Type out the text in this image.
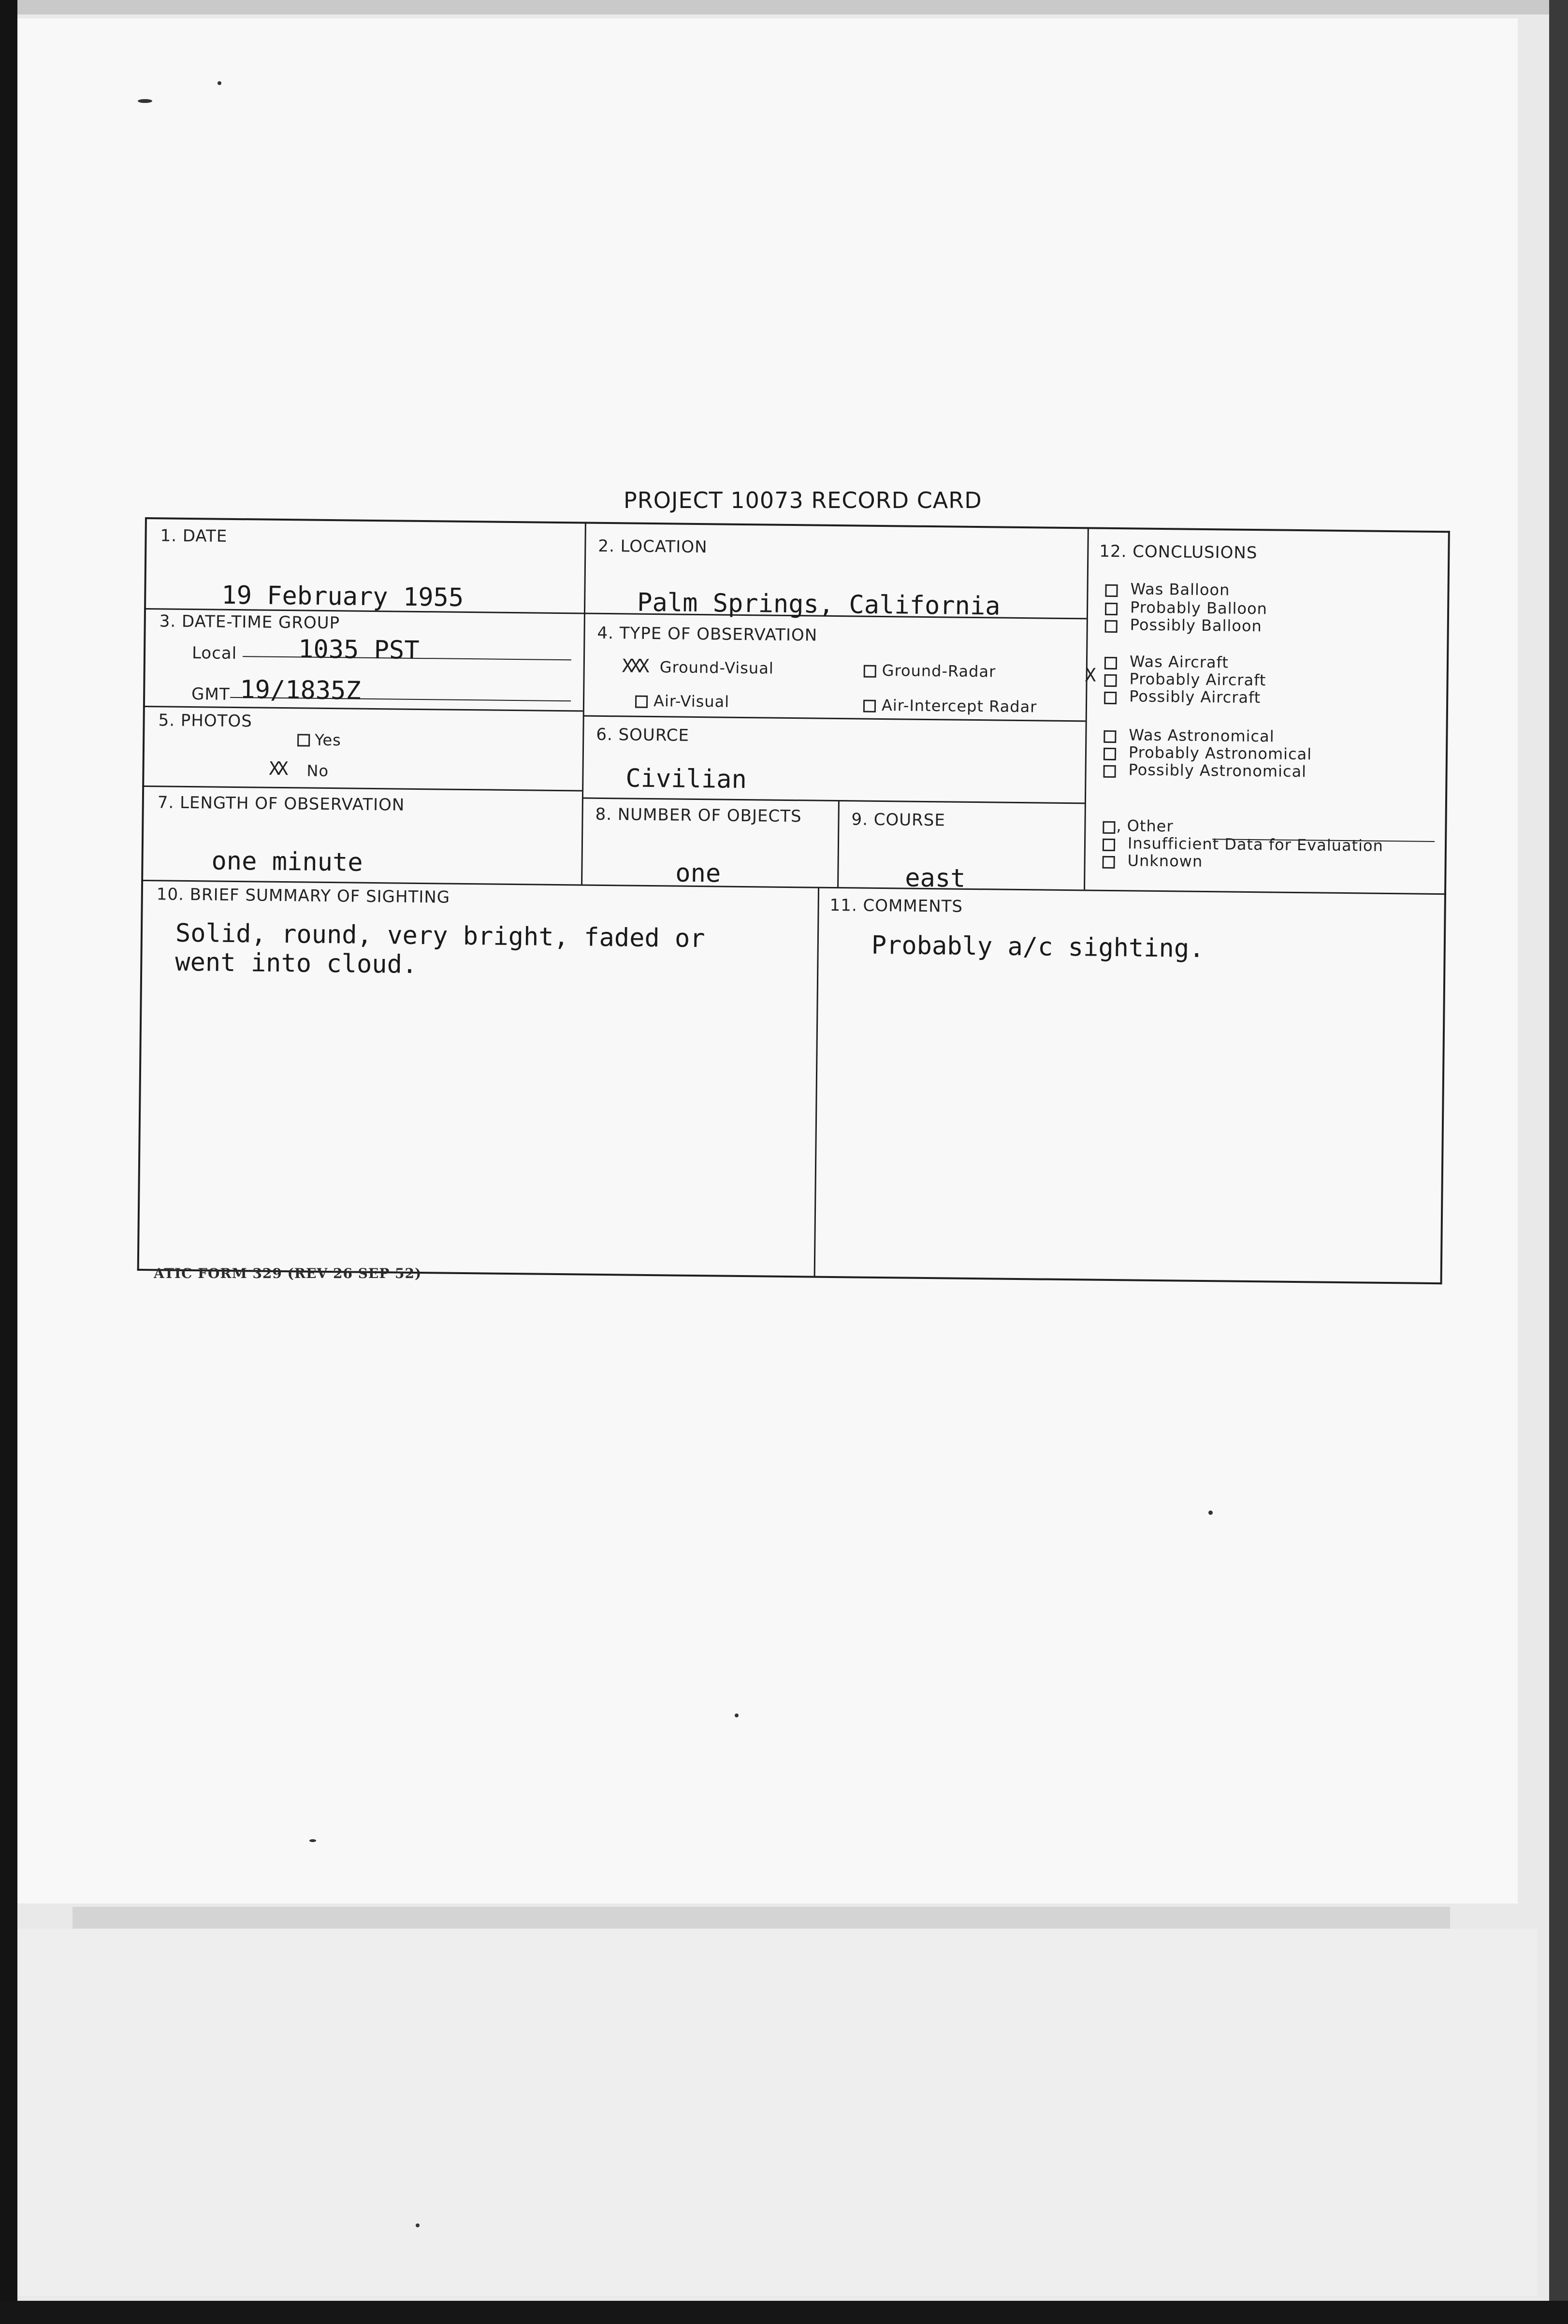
PROJECT 10073 RECORD CARD
1. DATE
19 February 1955
2. LOCATION
Palm Springs, California
3. DATE-TIME GROUP
Local 1035 PST
GMT 19/1835Z
4. TYPE OF OBSERVATION
XXX Ground-Visual	Ground-Radar
Air-Visual	Air-Intercept Radar
5. PHOTOS
Yes
XX No
6. SOURCE
Civilian
7. LENGTH OF OBSERVATION
one minute
8. NUMBER OF OBJECTS
one
9. COURSE
east
10. BRIEF SUMMARY OF SIGHTING
Solid, round, very bright, faded or
went into cloud.
11. COMMENTS
Probably a/c sighting.
12. CONCLUSIONS
Was Balloon
Probably Balloon
Possibly Balloon
Was Aircraft
X Probably Aircraft
Possibly Aircraft
Was Astronomical
Probably Astronomical
Possibly Astronomical
, Other
Insufficient Data for Evaluation
Unknown
ATIC FORM 329 (REV 26 SEP 52)
